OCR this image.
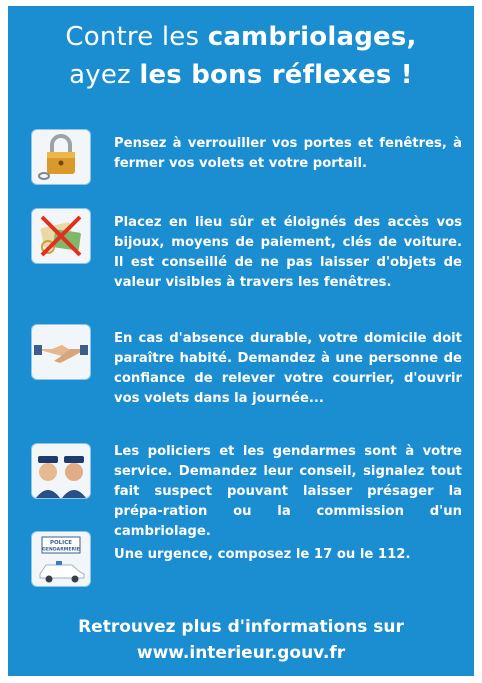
Contre les cambriolages,
ayez les bons réflexes !
Pensez à verrouiller vos portes et fenêtres, à fermer vos volets et votre portail.
Placez en lieu sûr et éloignés des accès vos bijoux, moyens de paiement, clés de voiture. Il est conseillé de ne pas laisser d'objets de valeur visibles à travers les fenêtres.
En cas d'absence durable, votre domicile doit paraître habité. Demandez à une personne de confiance de relever votre courrier, d'ouvrir vos volets dans la journée...
Les policiers et les gendarmes sont à votre service. Demandez leur conseil, signalez tout fait suspect pouvant laisser présager la prépa-ration ou la commission d'un cambriolage.
POLICE
GENDARMERIE	Une urgence, composez le 17 ou le 112.
Retrouvez plus d'informations sur
www.interieur.gouv.fr
